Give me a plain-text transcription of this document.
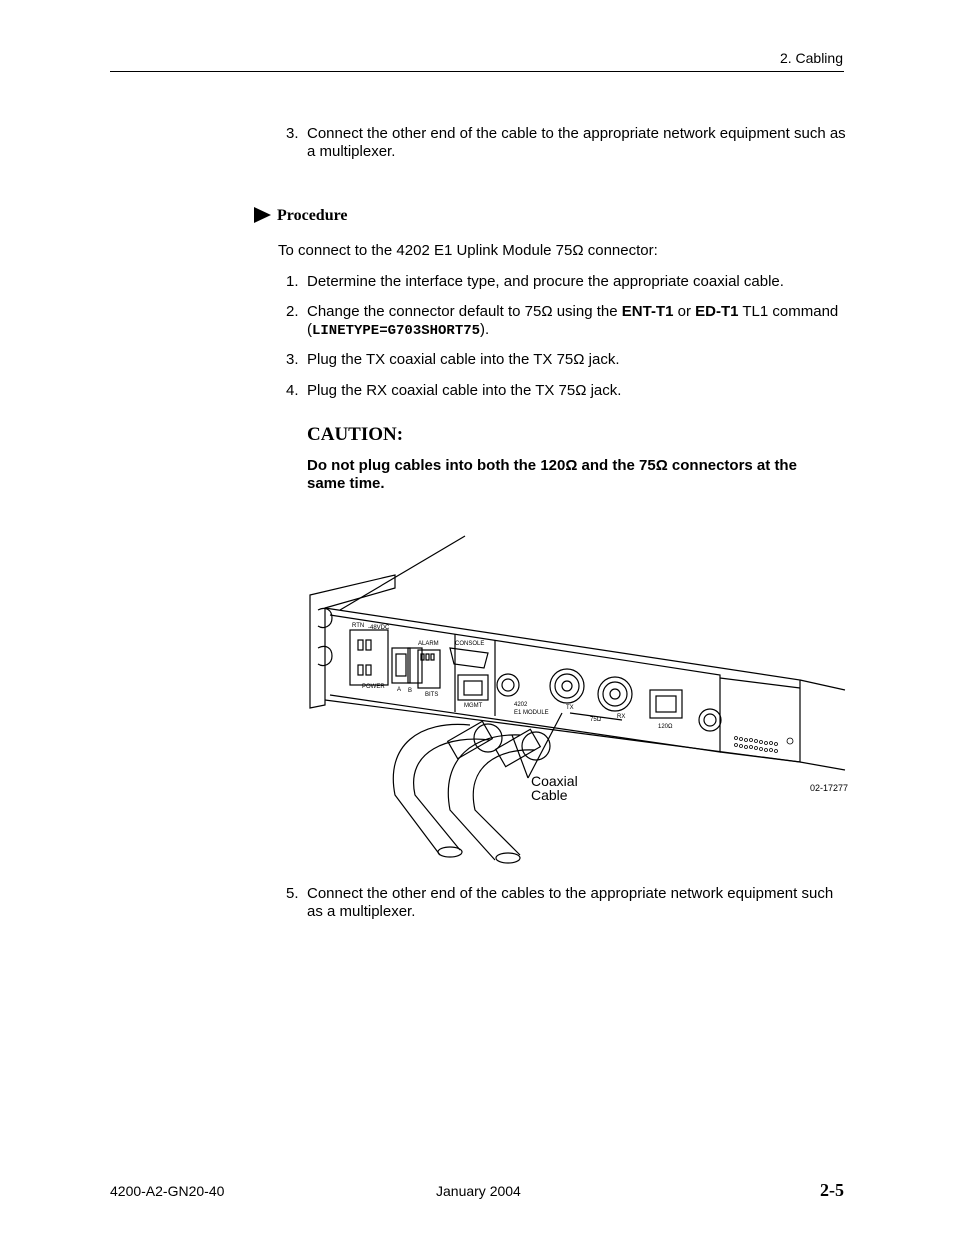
2. Cabling
3. Connect the other end of the cable to the appropriate network equipment such as a multiplexer.
Procedure
To connect to the 4202 E1 Uplink Module 75Ω connector:
1. Determine the interface type, and procure the appropriate coaxial cable.
2. Change the connector default to 75Ω using the ENT-T1 or ED-T1 TL1 command (LINETYPE=G703SHORT75).
3. Plug the TX coaxial cable into the TX 75Ω jack.
4. Plug the RX coaxial cable into the TX 75Ω jack.
CAUTION:
Do not plug cables into both the 120Ω and the 75Ω connectors at the same time.
RTN -48VDC
ALARM
POWER A B
BITS
CONSOLE
MGMT	4202
E1 MODULE
TX
RX
75Ω
120Ω
Coaxial
Cable	02-17277
5. Connect the other end of the cables to the appropriate network equipment such as a multiplexer.
4200-A2-GN20-40	January 2004	2-5
